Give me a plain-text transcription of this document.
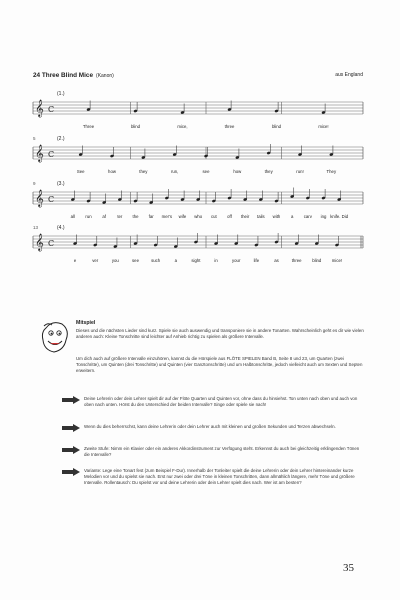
24 Three Blind Mice (Kanon)	aus England
𝄞 C
(1.)
Three	blind	mice,	three	blind	mice!
𝄞 C
(2.)
5
See	how	they	run,	see	how	they	run!	They
𝄞 C
(3.)
9
all run	af	ter the far mer's wife who cut off their tails with a carv ing knife. Did
𝄞 C
(4.)
13
e	ver	you	see	such	a	sight	in	your	life	as	three blind mice!
Mitspiel
Dieses und die nächsten Lieder sind kurz. Spiele sie auch auswendig und transponiere sie in andere Tonarten. Wahrscheinlich geht es dir wie vielen anderen auch: Kleine Tonschritte sind leichter auf Anhieb richtig zu spielen als größere Intervalle.
Um dich auch auf größere Intervalle einzuhören, kannst du die Hörspiele aus FLÖTE SPIELEN Band B, Seite 8 und 23, um Quarten (zwei Tonschritte), um Quinten (drei Tonschritte) und Quinten (vier Ganztonschritte) und um Halbtonschritte, jedoch vielleicht auch um Sexten und Septen erweitern.
Deine Lehrerin oder dein Lehrer spielt dir auf der Flöte Quarten und Quinten vor, ohne dass du hinsiehst. Ton unten nach oben und auch von oben nach unten. Hörst du den Unterschied der beiden Intervalle? Singe oder spiele sie nach!
Wenn du dies beherrschst, kann deine Lehrerin oder dein Lehrer auch mit kleinen und großen Sekunden und Terzen abwechseln.
Zweite Stufe: Nimm ein Klavier oder ein anderes Akkordinstrument zur Verfügung steht. Erkennst du auch bei gleichzeitig erklingenden Tönen die Intervalle?
Variante: Lege eine Tonart fest (zum Beispiel F-Dur). Innerhalb der Tonleiter spielt die deine Lehrerin oder dein Lehrer hintereinander kurze Melodien vor und du spielst sie nach. Erst nur zwei oder drei Töne in kleinen Tonschritten, dann allmählich längere, mehr Töne und größere Intervalle. Rollentausch: Du spielst vor und deine Lehrerin oder dein Lehrer spielt dies nach. Wer ist am besten?
35
